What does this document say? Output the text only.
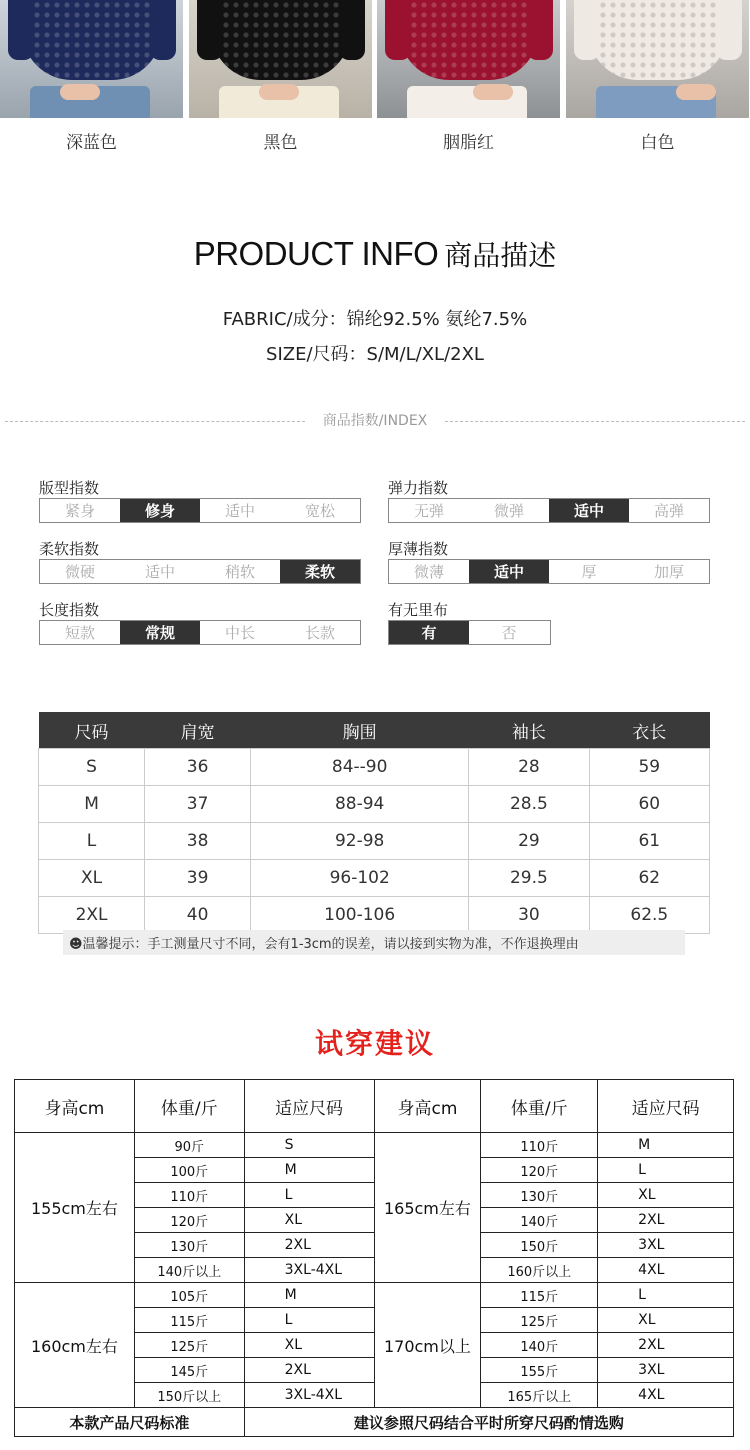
深蓝色	黑色	胭脂红	白色
PRODUCT INFO 商品描述
FABRIC/成分：锦纶92.5% 氨纶7.5%
SIZE/尺码：S/M/L/XL/2XL
商品指数/INDEX
版型指数
紧身	修身	适中	宽松
弹力指数
无弹	微弹	适中	高弹
柔软指数
微硬	适中	稍软	柔软
厚薄指数
微薄	适中	厚	加厚
长度指数
短款	常规	中长	长款
有无里布
有	否
尺码	肩宽	胸围	袖长	衣长
S	36	84--90	28	59
M	37	88-94	28.5	60
L	38	92-98	29	61
XL	39	96-102	29.5	62
2XL	40	100-106	30	62.5
☻温馨提示：手工测量尺寸不同，会有1-3cm的误差，请以接到实物为准，不作退换理由
试穿建议
身高cm	体重/斤	适应尺码	身高cm	体重/斤	适应尺码
155cm左右	90斤	S	165cm左右	110斤	M
	100斤	M		120斤	L
	110斤	L		130斤	XL
	120斤	XL		140斤	2XL
	130斤	2XL		150斤	3XL
	140斤以上	3XL-4XL		160斤以上	4XL
160cm左右	105斤	M	170cm以上	115斤	L
	115斤	L		125斤	XL
	125斤	XL		140斤	2XL
	145斤	2XL		155斤	3XL
	150斤以上	3XL-4XL		165斤以上	4XL
本款产品尺码标准		建议参照尺码结合平时所穿尺码酌情选购			
